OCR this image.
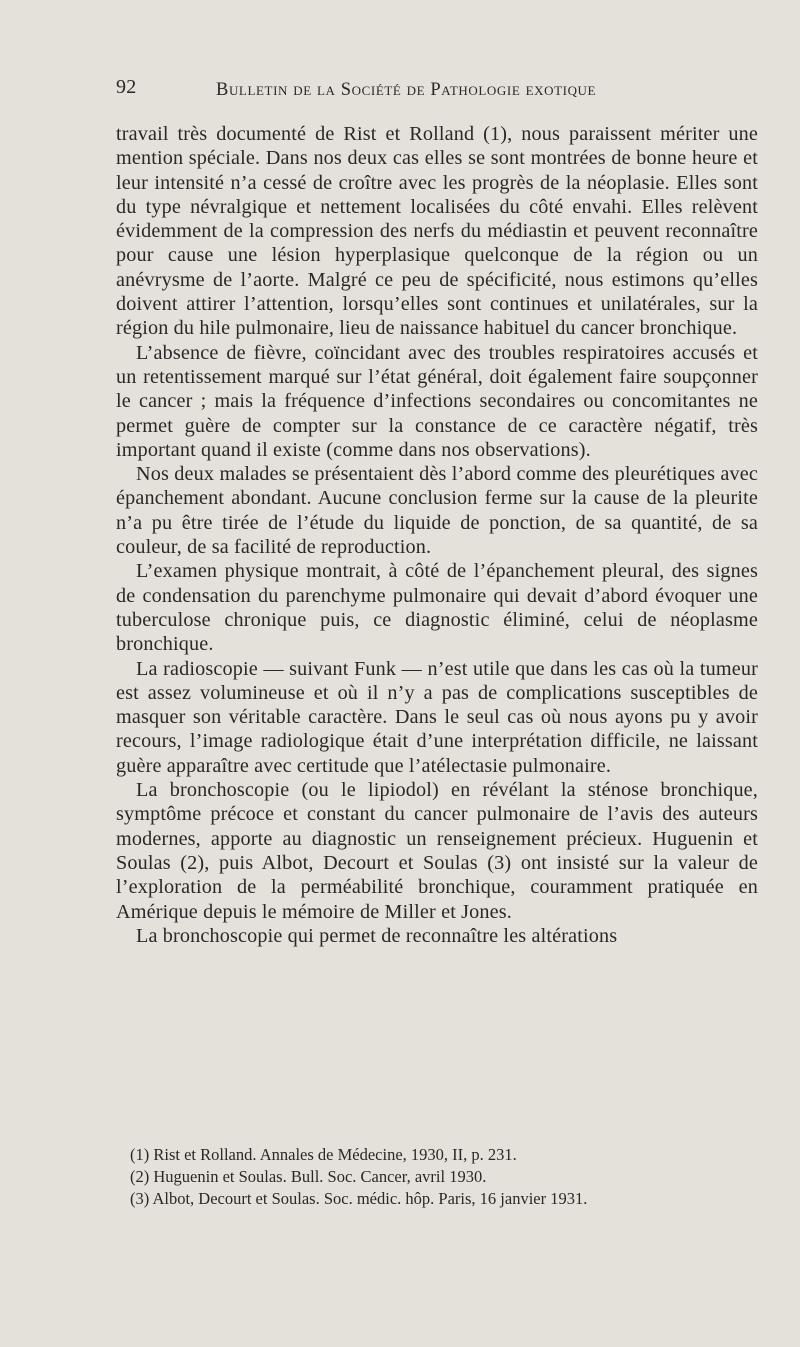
92	Bulletin de la Société de Pathologie exotique

travail très documenté de Rist et Rolland (1), nous paraissent mériter une mention spéciale. Dans nos deux cas elles se sont montrées de bonne heure et leur intensité n’a cessé de croître avec les progrès de la néoplasie. Elles sont du type névralgique et nettement localisées du côté envahi. Elles relèvent évidemment de la compression des nerfs du médiastin et peuvent reconnaître pour cause une lésion hyperplasique quelconque de la région ou un anévrysme de l’aorte. Malgré ce peu de spécificité, nous estimons qu’elles doivent attirer l’attention, lorsqu’elles sont continues et unilatérales, sur la région du hile pulmonaire, lieu de naissance habituel du cancer bronchique.

L’absence de fièvre, coïncidant avec des troubles respiratoires accusés et un retentissement marqué sur l’état général, doit également faire soupçonner le cancer ; mais la fréquence d’infections secondaires ou concomitantes ne permet guère de compter sur la constance de ce caractère négatif, très important quand il existe (comme dans nos observations).

Nos deux malades se présentaient dès l’abord comme des pleurétiques avec épanchement abondant. Aucune conclusion ferme sur la cause de la pleurite n’a pu être tirée de l’étude du liquide de ponction, de sa quantité, de sa couleur, de sa facilité de reproduction.

L’examen physique montrait, à côté de l’épanchement pleural, des signes de condensation du parenchyme pulmonaire qui devait d’abord évoquer une tuberculose chronique puis, ce diagnostic éliminé, celui de néoplasme bronchique.

La radioscopie — suivant Funk — n’est utile que dans les cas où la tumeur est assez volumineuse et où il n’y a pas de complications susceptibles de masquer son véritable caractère. Dans le seul cas où nous ayons pu y avoir recours, l’image radiologique était d’une interprétation difficile, ne laissant guère apparaître avec certitude que l’atélectasie pulmonaire.

La bronchoscopie (ou le lipiodol) en révélant la sténose bronchique, symptôme précoce et constant du cancer pulmonaire de l’avis des auteurs modernes, apporte au diagnostic un renseignement précieux. Huguenin et Soulas (2), puis Albot, Decourt et Soulas (3) ont insisté sur la valeur de l’exploration de la perméabilité bronchique, couramment pratiquée en Amérique depuis le mémoire de Miller et Jones.

La bronchoscopie qui permet de reconnaître les altérations

(1) Rist et Rolland. Annales de Médecine, 1930, II, p. 231.

(2) Huguenin et Soulas. Bull. Soc. Cancer, avril 1930.

(3) Albot, Decourt et Soulas. Soc. médic. hôp. Paris, 16 janvier 1931.
